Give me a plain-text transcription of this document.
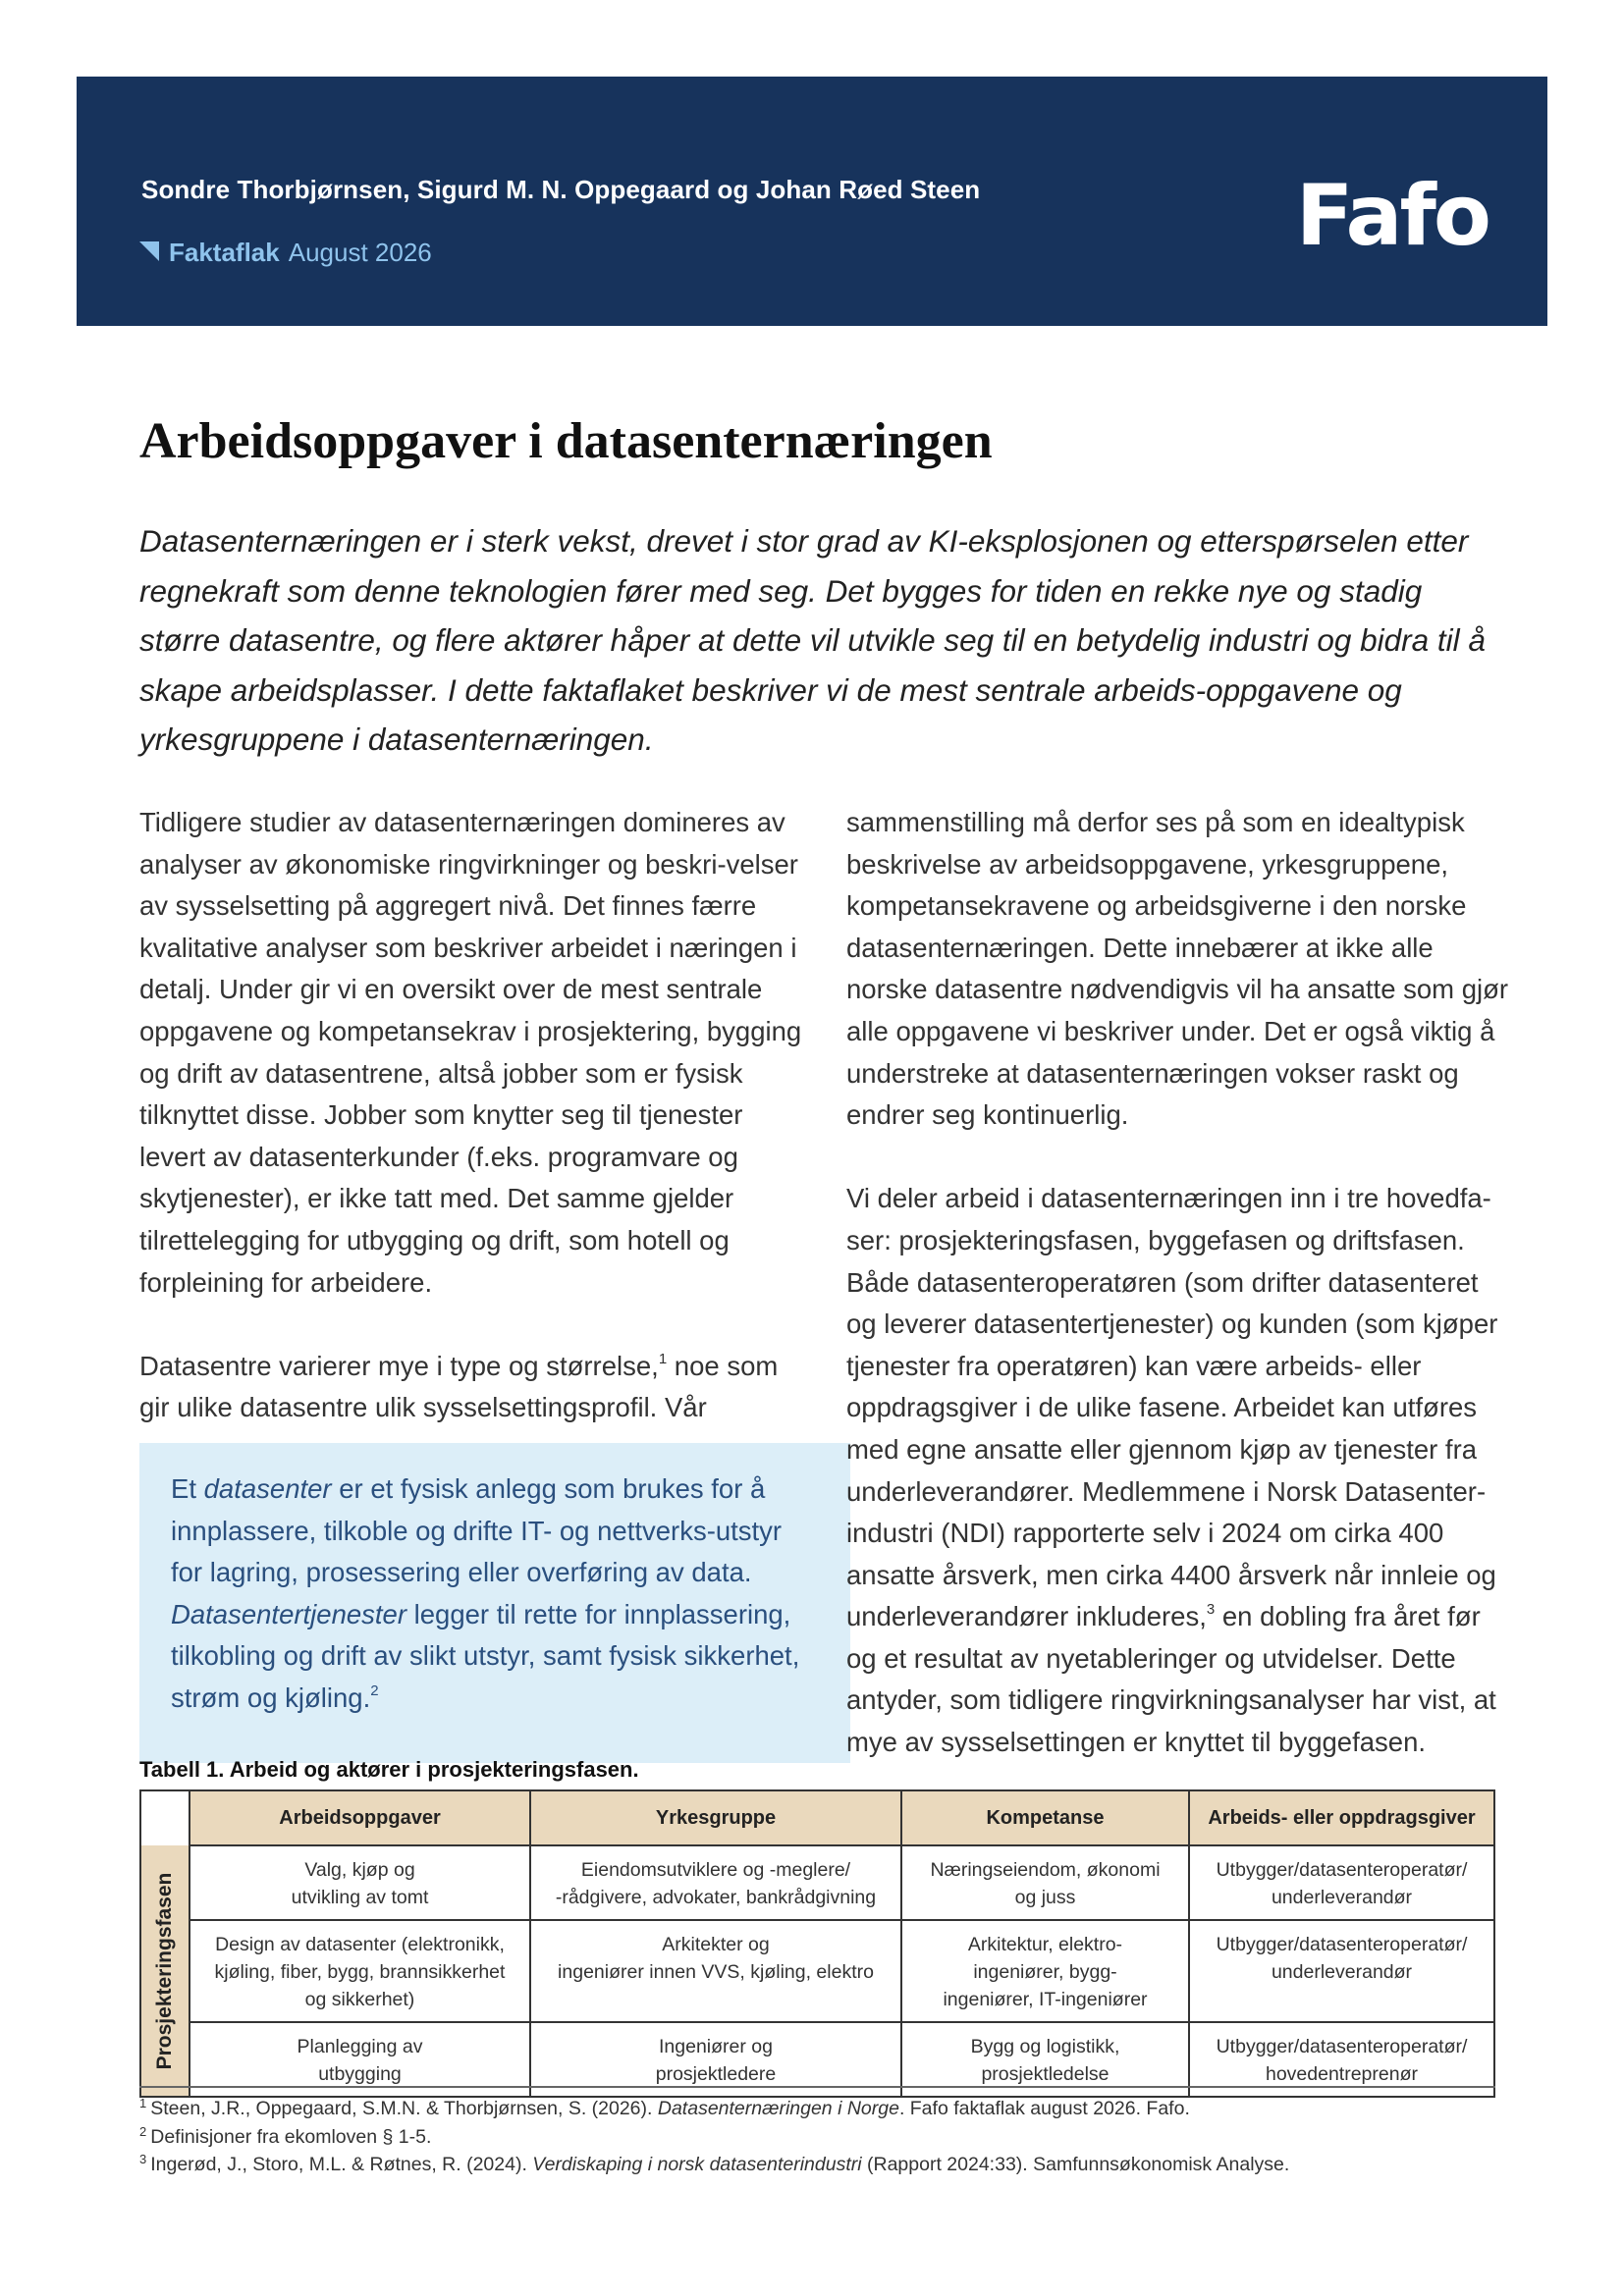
Sondre Thorbjørnsen, Sigurd M. N. Oppegaard og Johan Røed Steen
Faktaflak August 2026	Fafo
Arbeidsoppgaver i datasenternæringen

Datasenternæringen er i sterk vekst, drevet i stor grad av KI-eksplosjonen og etterspørselen etter regnekraft som denne teknologien fører med seg. Det bygges for tiden en rekke nye og stadig større datasentre, og flere aktører håper at dette vil utvikle seg til en betydelig industri og bidra til å skape arbeidsplasser. I dette faktaflaket beskriver vi de mest sentrale arbeids-oppgavene og yrkesgruppene i datasenternæringen.

Tidligere studier av datasenternæringen domineres av analyser av økonomiske ringvirkninger og beskri-velser av sysselsetting på aggregert nivå. Det finnes færre kvalitative analyser som beskriver arbeidet i næringen i detalj. Under gir vi en oversikt over de mest sentrale oppgavene og kompetansekrav i prosjektering, bygging og drift av datasentrene, altså jobber som er fysisk tilknyttet disse. Jobber som knytter seg til tjenester levert av datasenterkunder (f.eks. programvare og skytjenester), er ikke tatt med. Det samme gjelder tilrettelegging for utbygging og drift, som hotell og forpleining for arbeidere.

Datasentre varierer mye i type og størrelse,$^1$ noe som gir ulike datasentre ulik sysselsettingsprofil. Vår

Et datasenter er et fysisk anlegg som brukes for å innplassere, tilkoble og drifte IT- og nettverks-utstyr for lagring, prosessering eller overføring av data. Datasentertjenester legger til rette for innplassering, tilkobling og drift av slikt utstyr, samt fysisk sikkerhet, strøm og kjøling.$^2$

sammenstilling må derfor ses på som en idealtypisk beskrivelse av arbeidsoppgavene, yrkesgruppene, kompetansekravene og arbeidsgiverne i den norske datasenternæringen. Dette innebærer at ikke alle norske datasentre nødvendigvis vil ha ansatte som gjør alle oppgavene vi beskriver under. Det er også viktig å understreke at datasenternæringen vokser raskt og endrer seg kontinuerlig.

Vi deler arbeid i datasenternæringen inn i tre hovedfa-ser: prosjekteringsfasen, byggefasen og driftsfasen. Både datasenteroperatøren (som drifter datasenteret og leverer datasentertjenester) og kunden (som kjøper tjenester fra operatøren) kan være arbeids- eller oppdragsgiver i de ulike fasene. Arbeidet kan utføres med egne ansatte eller gjennom kjøp av tjenester fra underleverandører. Medlemmene i Norsk Datasenter-industri (NDI) rapporterte selv i 2024 om cirka 400 ansatte årsverk, men cirka 4400 årsverk når innleie og underleverandører inkluderes,$^3$ en dobling fra året før og et resultat av nyetableringer og utvidelser. Dette antyder, som tidligere ringvirkningsanalyser har vist, at mye av sysselsettingen er knyttet til byggefasen.

Tabell 1. Arbeid og aktører i prosjekteringsfasen.

	Arbeidsoppgaver	Yrkesgruppe	Kompetanse	Arbeids- eller oppdragsgiver

Prosjekteringsfasen	Valg, kjøp og
utvikling av tomt	Eiendomsutviklere og -meglere/
-rådgivere, advokater, bankrådgivning	Næringseiendom, økonomi
og juss	Utbygger/datasenteroperatør/
underleverandør
	Design av datasenter (elektronikk,
kjøling, fiber, bygg, brannsikkerhet
og sikkerhet)	Arkitekter og
ingeniører innen VVS, kjøling, elektro	Arkitektur, elektro-
ingeniører, bygg-
ingeniører, IT-ingeniører	Utbygger/datasenteroperatør/
underleverandør
	Planlegging av
utbygging	Ingeniører og
prosjektledere	Bygg og logistikk,
prosjektledelse	Utbygger/datasenteroperatør/
hovedentreprenør
$^1$ Steen, J.R., Oppegaard, S.M.N. & Thorbjørnsen, S. (2026). Datasenternæringen i Norge. Fafo faktaflak august 2026. Fafo.
$^2$ Definisjoner fra ekomloven § 1-5.
$^3$ Ingerød, J., Storo, M.L. & Røtnes, R. (2024). Verdiskaping i norsk datasenterindustri (Rapport 2024:33). Samfunnsøkonomisk Analyse.
